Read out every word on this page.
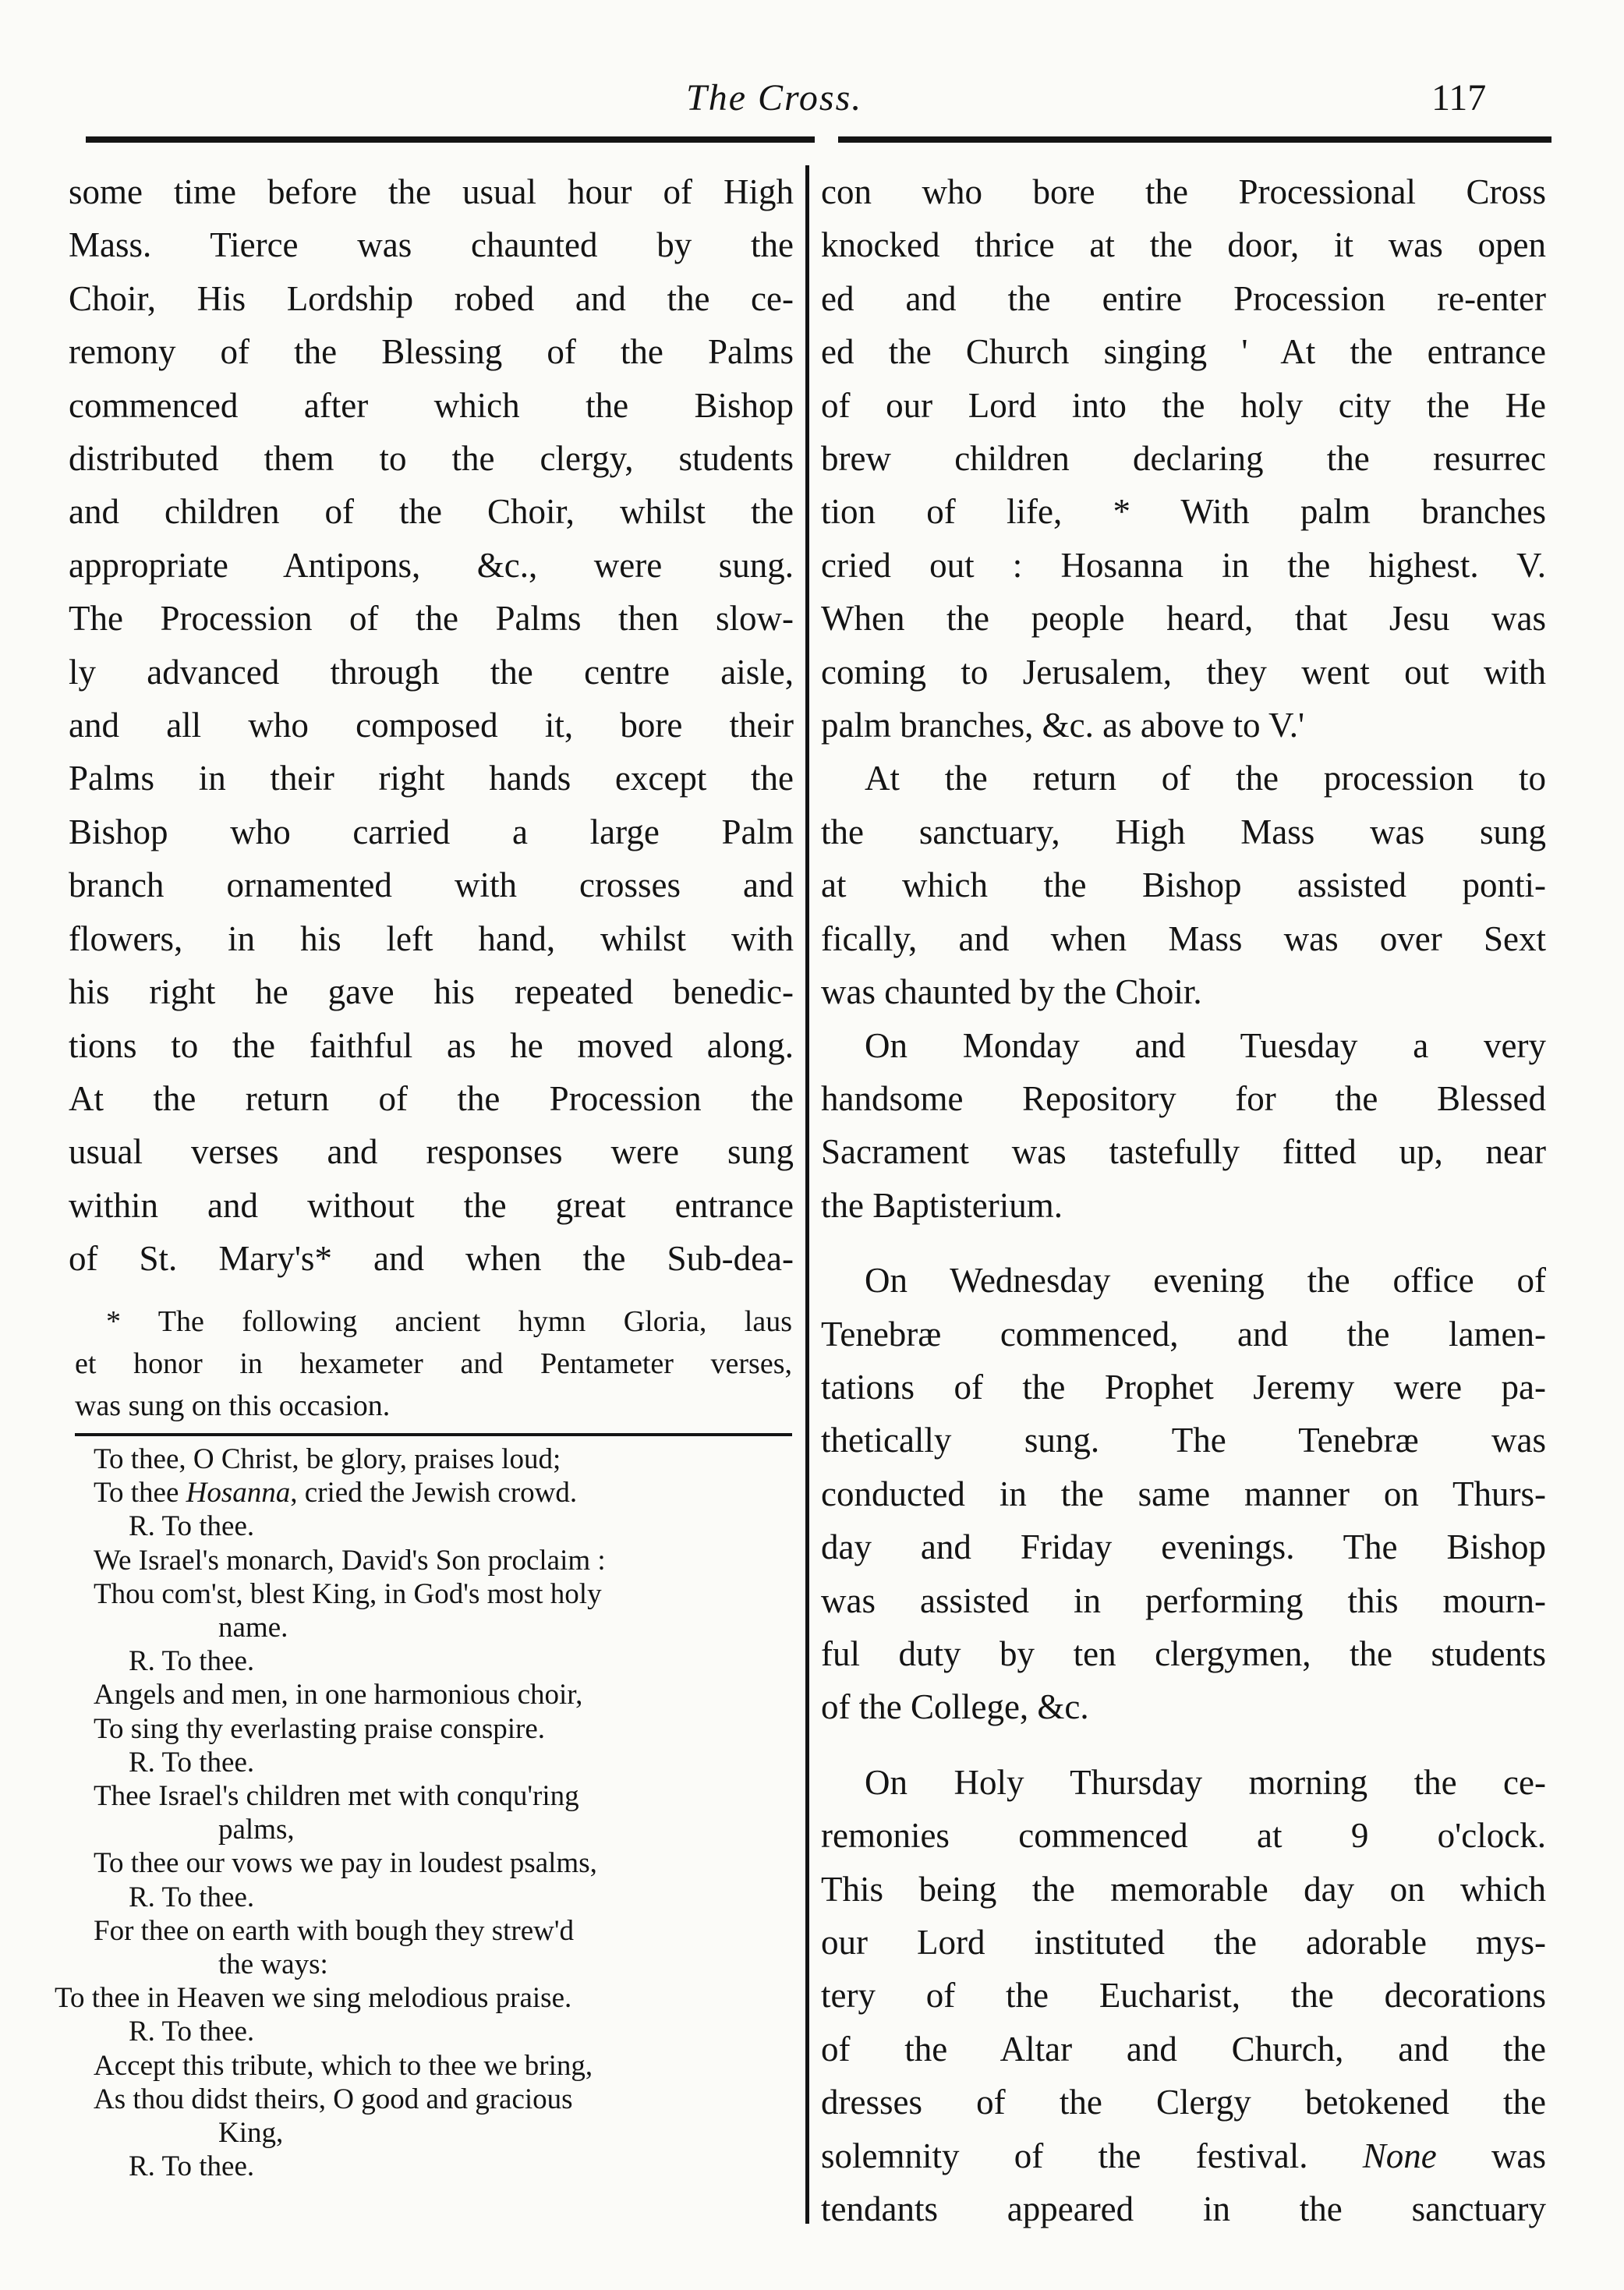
The Cross.	117

some time before the usual hour of High

Mass. Tierce was chaunted by the

Choir, His Lordship robed and the ce-

remony of the Blessing of the Palms

commenced after which the Bishop

distributed them to the clergy, students

and children of the Choir, whilst the

appropriate Antipons, &c., were sung.

The Procession of the Palms then slow-

ly advanced through the centre aisle,

and all who composed it, bore their

Palms in their right hands except the

Bishop who carried a large Palm

branch ornamented with crosses and

flowers, in his left hand, whilst with

his right he gave his repeated benedic-

tions to the faithful as he moved along.

At the return of the Procession the

usual verses and responses were sung

within and without the great entrance

of St. Mary's* and when the Sub-dea-

* The following ancient hymn Gloria, laus

et honor in hexameter and Pentameter verses,

was sung on this occasion.

To thee, O Christ, be glory, praises loud;

To thee Hosanna, cried the Jewish crowd.

R. To thee.

We Israel's monarch, David's Son proclaim :

Thou com'st, blest King, in God's most holy

name.

R. To thee.

Angels and men, in one harmonious choir,

To sing thy everlasting praise conspire.

R. To thee.

Thee Israel's children met with conqu'ring

palms,

To thee our vows we pay in loudest psalms,

R. To thee.

For thee on earth with bough they strew'd

the ways:

To thee in Heaven we sing melodious praise.

R. To thee.

Accept this tribute, which to thee we bring,

As thou didst theirs, O good and gracious

King,

R. To thee.

con who bore the Processional Cross

knocked thrice at the door, it was open

ed and the entire Procession re-enter

ed the Church singing ' At the entrance

of our Lord into the holy city the He

brew children declaring the resurrec

tion of life, * With palm branches

cried out : Hosanna in the highest. V.

When the people heard, that Jesu was

coming to Jerusalem, they went out with

palm branches, &c. as above to V.'

At the return of the procession to

the sanctuary, High Mass was sung

at which the Bishop assisted ponti-

fically, and when Mass was over Sext

was chaunted by the Choir.

On Monday and Tuesday a very

handsome Repository for the Blessed

Sacrament was tastefully fitted up, near

the Baptisterium.

On Wednesday evening the office of

Tenebræ commenced, and the lamen-

tations of the Prophet Jeremy were pa-

thetically sung. The Tenebræ was

conducted in the same manner on Thurs-

day and Friday evenings. The Bishop

was assisted in performing this mourn-

ful duty by ten clergymen, the students

of the College, &c.

On Holy Thursday morning the ce-

remonies commenced at 9 o'clock.

This being the memorable day on which

our Lord instituted the adorable mys-

tery of the Eucharist, the decorations

of the Altar and Church, and the

dresses of the Clergy betokened the

solemnity of the festival. None was

tendants appeared in the sanctuary
